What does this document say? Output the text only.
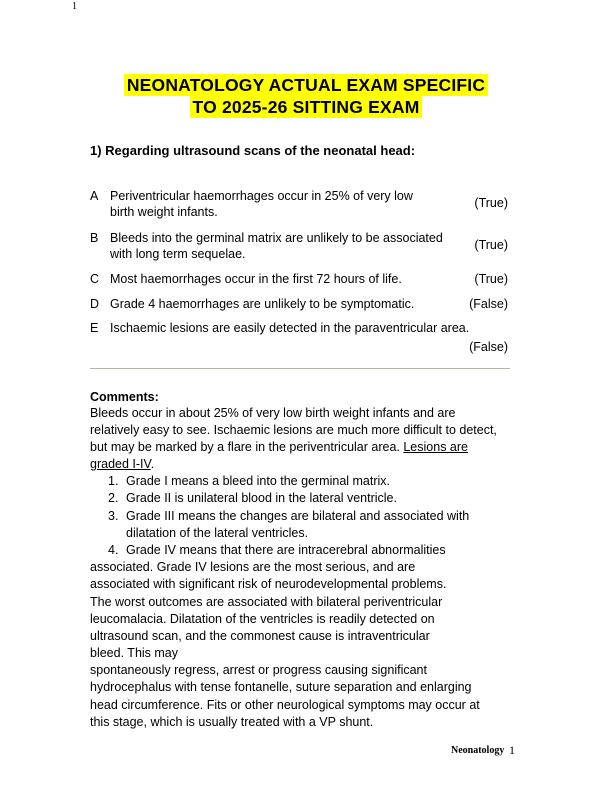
1
NEONATOLOGY ACTUAL EXAM SPECIFIC
TO 2025-26 SITTING EXAM
1) Regarding ultrasound scans of the neonatal head:
A Periventricular haemorrhages occur in 25% of very low
birth weight infants.
(True)
B Bleeds into the germinal matrix are unlikely to be associated
with long term sequelae.
(True)
C Most haemorrhages occur in the first 72 hours of life.	(True)
D Grade 4 haemorrhages are unlikely to be symptomatic.	(False)
E Ischaemic lesions are easily detected in the paraventricular area.
(False)
Comments:
Bleeds occur in about 25% of very low birth weight infants and are
relatively easy to see. Ischaemic lesions are much more difficult to detect,
but may be marked by a flare in the periventricular area. Lesions are
graded I-IV.
1. Grade I means a bleed into the germinal matrix.
2. Grade II is unilateral blood in the lateral ventricle.
3. Grade III means the changes are bilateral and associated with
dilatation of the lateral ventricles.
4. Grade IV means that there are intracerebral abnormalities
associated. Grade IV lesions are the most serious, and are
associated with significant risk of neurodevelopmental problems.
The worst outcomes are associated with bilateral periventricular
leucomalacia. Dilatation of the ventricles is readily detected on
ultrasound scan, and the commonest cause is intraventricular
bleed. This may
spontaneously regress, arrest or progress causing significant
hydrocephalus with tense fontanelle, suture separation and enlarging
head circumference. Fits or other neurological symptoms may occur at
this stage, which is usually treated with a VP shunt.
Neonatology 1
